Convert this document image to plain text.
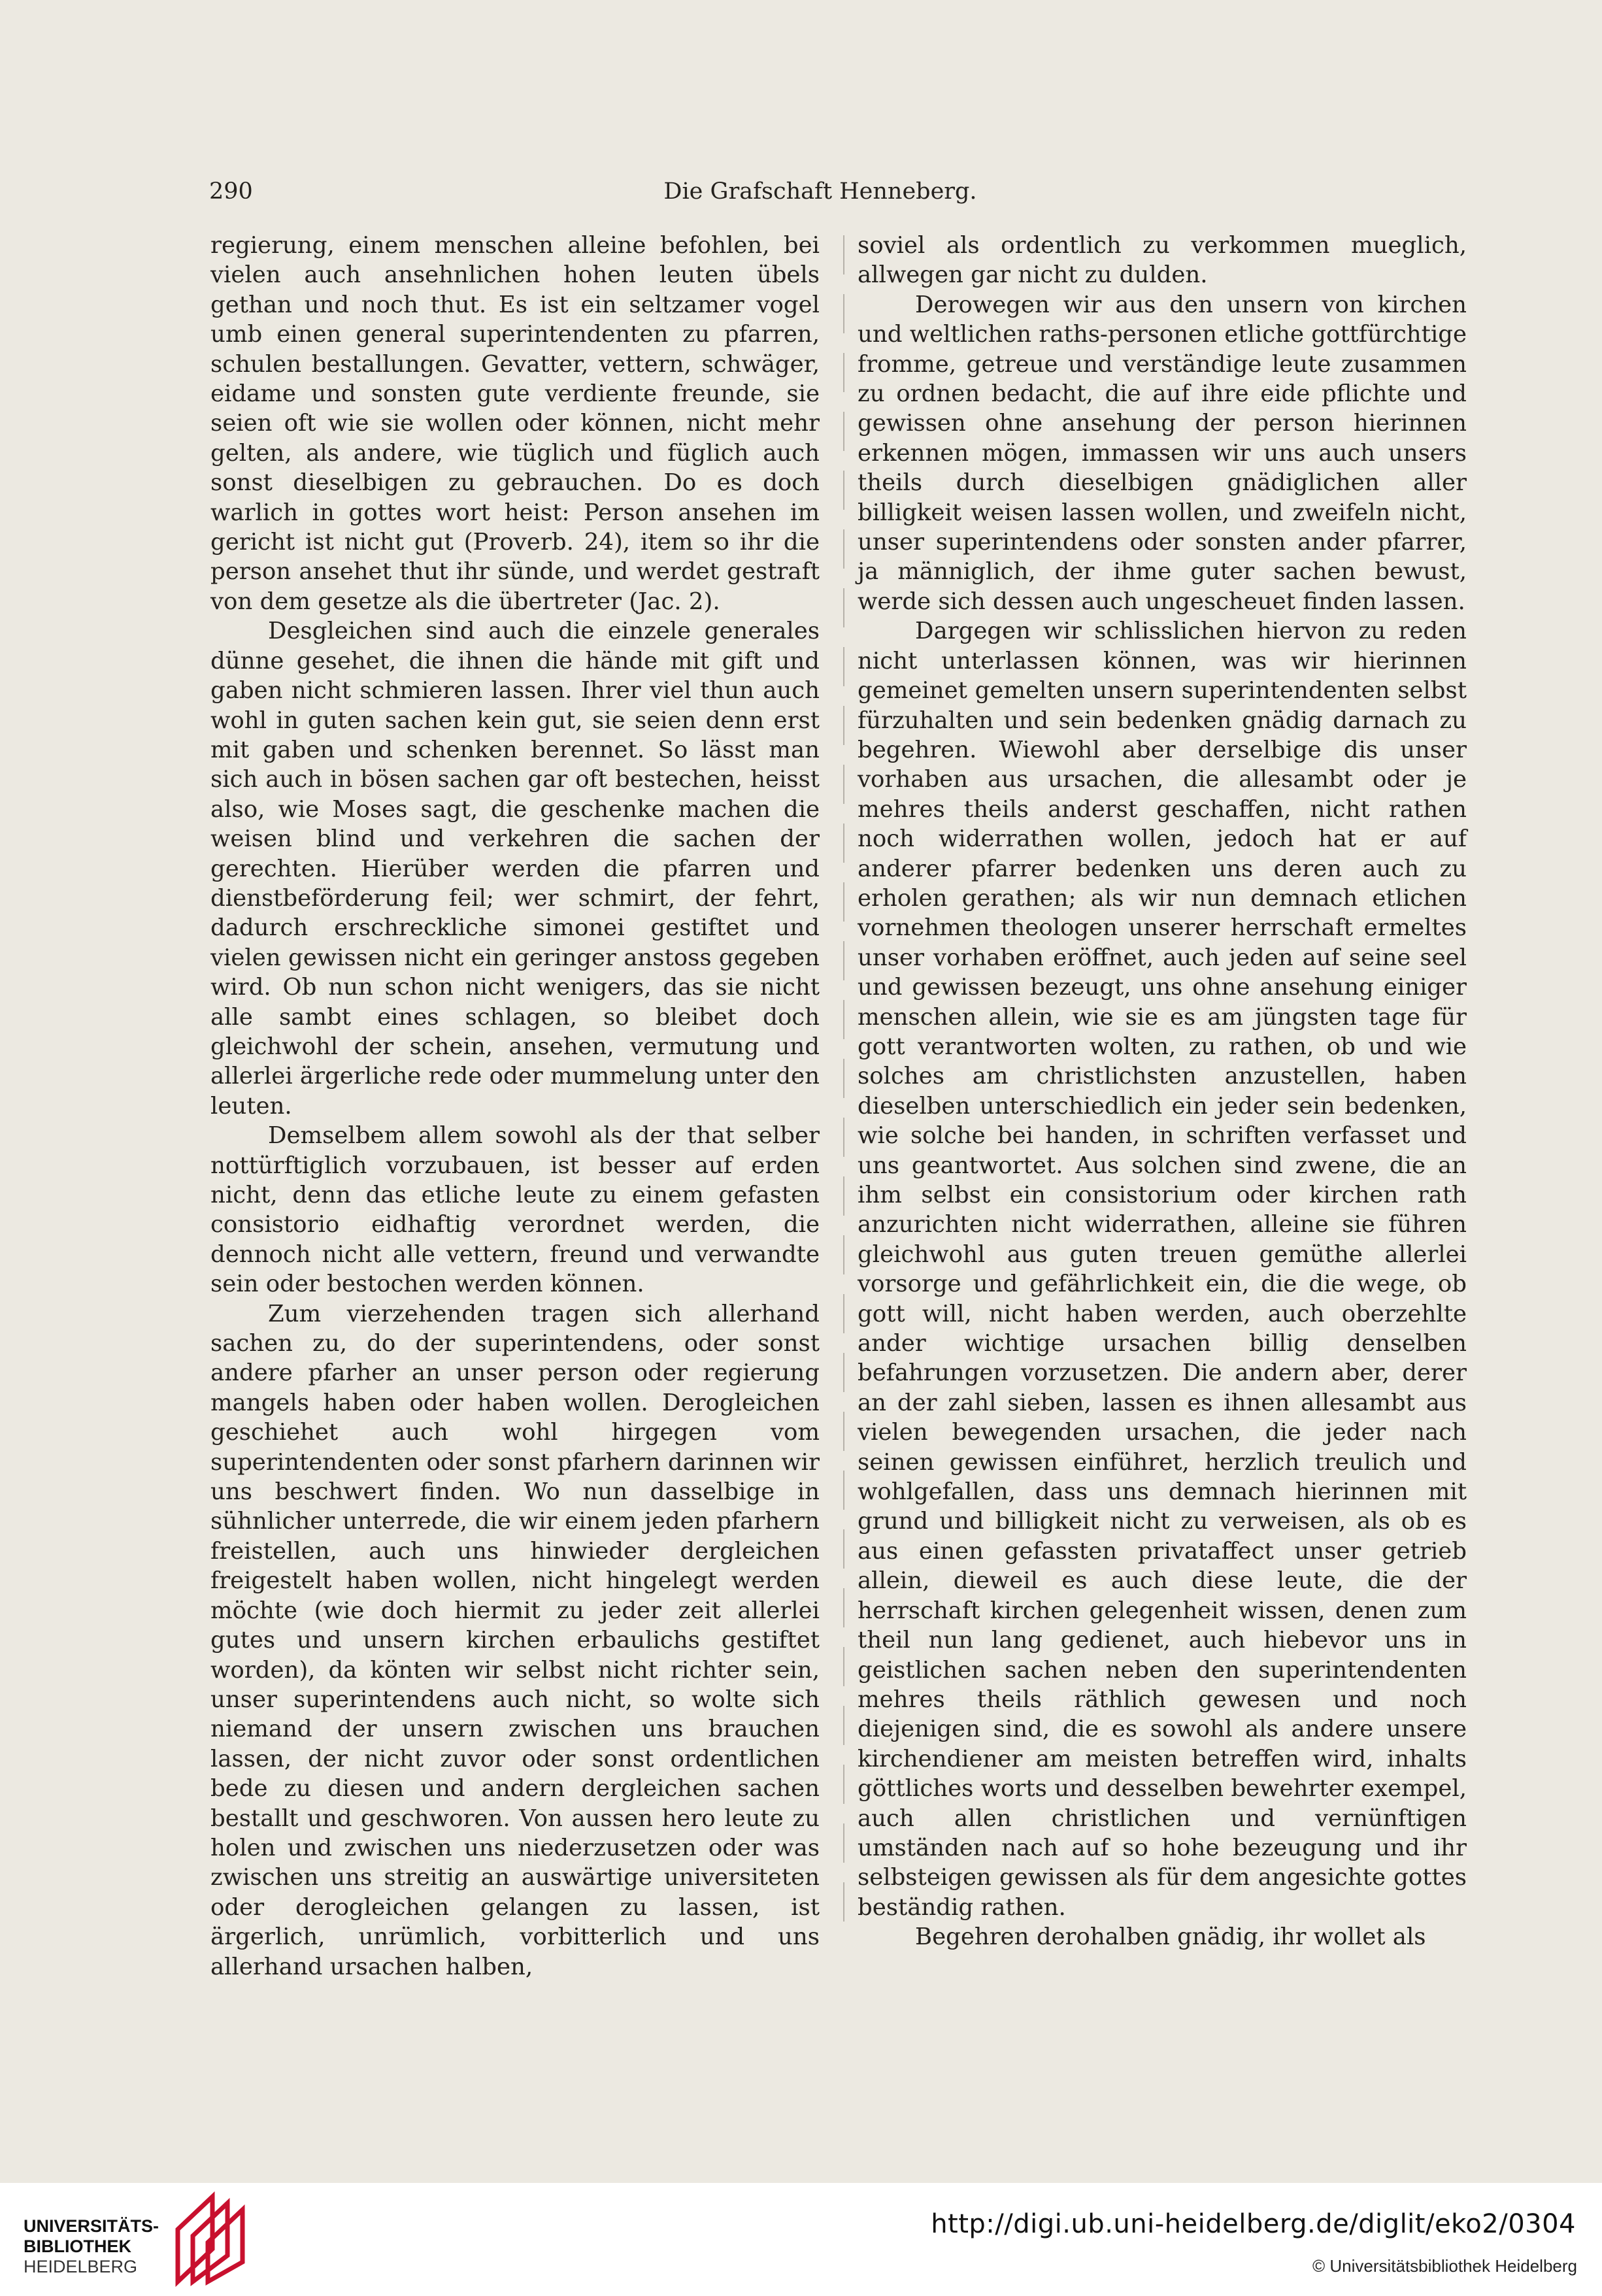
290	Die Grafschaft Henneberg.

regierung, einem menschen alleine befohlen, bei vielen auch ansehnlichen hohen leuten übels gethan und noch thut. Es ist ein seltzamer vogel umb einen general superintendenten zu pfarren, schulen bestallungen. Gevatter, vettern, schwäger, eidame und sonsten gute verdiente freunde, sie seien oft wie sie wollen oder können, nicht mehr gelten, als andere, wie tüglich und füglich auch sonst dieselbigen zu gebrauchen. Do es doch warlich in gottes wort heist: Person ansehen im gericht ist nicht gut (Proverb. 24), item so ihr die person ansehet thut ihr sünde, und werdet gestraft von dem gesetze als die übertreter (Jac. 2).

Desgleichen sind auch die einzele generales dünne gesehet, die ihnen die hände mit gift und gaben nicht schmieren lassen. Ihrer viel thun auch wohl in guten sachen kein gut, sie seien denn erst mit gaben und schenken berennet. So lässt man sich auch in bösen sachen gar oft bestechen, heisst also, wie Moses sagt, die geschenke machen die weisen blind und verkehren die sachen der gerechten. Hierüber werden die pfarren und dienstbeförderung feil; wer schmirt, der fehrt, dadurch erschreckliche simonei gestiftet und vielen gewissen nicht ein geringer anstoss gegeben wird. Ob nun schon nicht wenigers, das sie nicht alle sambt eines schlagen, so bleibet doch gleichwohl der schein, ansehen, vermutung und allerlei ärgerliche rede oder mummelung unter den leuten.

Demselbem allem sowohl als der that selber nottürftiglich vorzubauen, ist besser auf erden nicht, denn das etliche leute zu einem gefasten consistorio eidhaftig verordnet werden, die dennoch nicht alle vettern, freund und verwandte sein oder bestochen werden können.

Zum vierzehenden tragen sich allerhand sachen zu, do der superintendens, oder sonst andere pfarher an unser person oder regierung mangels haben oder haben wollen. Derogleichen geschiehet auch wohl hirgegen vom superintendenten oder sonst pfarhern darinnen wir uns beschwert finden. Wo nun dasselbige in sühnlicher unterrede, die wir einem jeden pfarhern freistellen, auch uns hinwieder dergleichen freigestelt haben wollen, nicht hingelegt werden möchte (wie doch hiermit zu jeder zeit allerlei gutes und unsern kirchen erbaulichs gestiftet worden), da könten wir selbst nicht richter sein, unser superintendens auch nicht, so wolte sich niemand der unsern zwischen uns brauchen lassen, der nicht zuvor oder sonst ordentlichen bede zu diesen und andern dergleichen sachen bestallt und geschworen. Von aussen hero leute zu holen und zwischen uns niederzusetzen oder was zwischen uns streitig an auswärtige universiteten oder derogleichen gelangen zu lassen, ist ärgerlich, unrümlich, vorbitterlich und uns allerhand ursachen halben,

soviel als ordentlich zu verkommen mueglich, allwegen gar nicht zu dulden.

Derowegen wir aus den unsern von kirchen und weltlichen raths-personen etliche gottfürchtige fromme, getreue und verständige leute zusammen zu ordnen bedacht, die auf ihre eide pflichte und gewissen ohne ansehung der person hierinnen erkennen mögen, immassen wir uns auch unsers theils durch dieselbigen gnädiglichen aller billigkeit weisen lassen wollen, und zweifeln nicht, unser superintendens oder sonsten ander pfarrer, ja männiglich, der ihme guter sachen bewust, werde sich dessen auch ungescheuet finden lassen.

Dargegen wir schlisslichen hiervon zu reden nicht unterlassen können, was wir hierinnen gemeinet gemelten unsern superintendenten selbst fürzuhalten und sein bedenken gnädig darnach zu begehren. Wiewohl aber derselbige dis unser vorhaben aus ursachen, die allesambt oder je mehres theils anderst geschaffen, nicht rathen noch widerrathen wollen, jedoch hat er auf anderer pfarrer bedenken uns deren auch zu erholen gerathen; als wir nun demnach etlichen vornehmen theologen unserer herrschaft ermeltes unser vorhaben eröffnet, auch jeden auf seine seel und gewissen bezeugt, uns ohne ansehung einiger menschen allein, wie sie es am jüngsten tage für gott verantworten wolten, zu rathen, ob und wie solches am christlichsten anzustellen, haben dieselben unterschiedlich ein jeder sein bedenken, wie solche bei handen, in schriften verfasset und uns geantwortet. Aus solchen sind zwene, die an ihm selbst ein consistorium oder kirchen rath anzurichten nicht widerrathen, alleine sie führen gleichwohl aus guten treuen gemüthe allerlei vorsorge und gefährlichkeit ein, die die wege, ob gott will, nicht haben werden, auch oberzehlte ander wichtige ursachen billig denselben befahrungen vorzusetzen. Die andern aber, derer an der zahl sieben, lassen es ihnen allesambt aus vielen bewegenden ursachen, die jeder nach seinen gewissen einführet, herzlich treulich und wohlgefallen, dass uns demnach hierinnen mit grund und billigkeit nicht zu verweisen, als ob es aus einen gefassten privataffect unser getrieb allein, dieweil es auch diese leute, die der herrschaft kirchen gelegenheit wissen, denen zum theil nun lang gedienet, auch hiebevor uns in geistlichen sachen neben den superintendenten mehres theils räthlich gewesen und noch diejenigen sind, die es sowohl als andere unsere kirchendiener am meisten betreffen wird, inhalts göttliches worts und desselben bewehrter exempel, auch allen christlichen und vernünftigen umständen nach auf so hohe bezeugung und ihr selbsteigen gewissen als für dem angesichte gottes beständig rathen.

Begehren derohalben gnädig, ihr wollet als

UNIVERSITÄTS-
BIBLIOTHEK
HEIDELBERG
http://digi.ub.uni-heidelberg.de/diglit/eko2/0304
© Universitätsbibliothek Heidelberg
